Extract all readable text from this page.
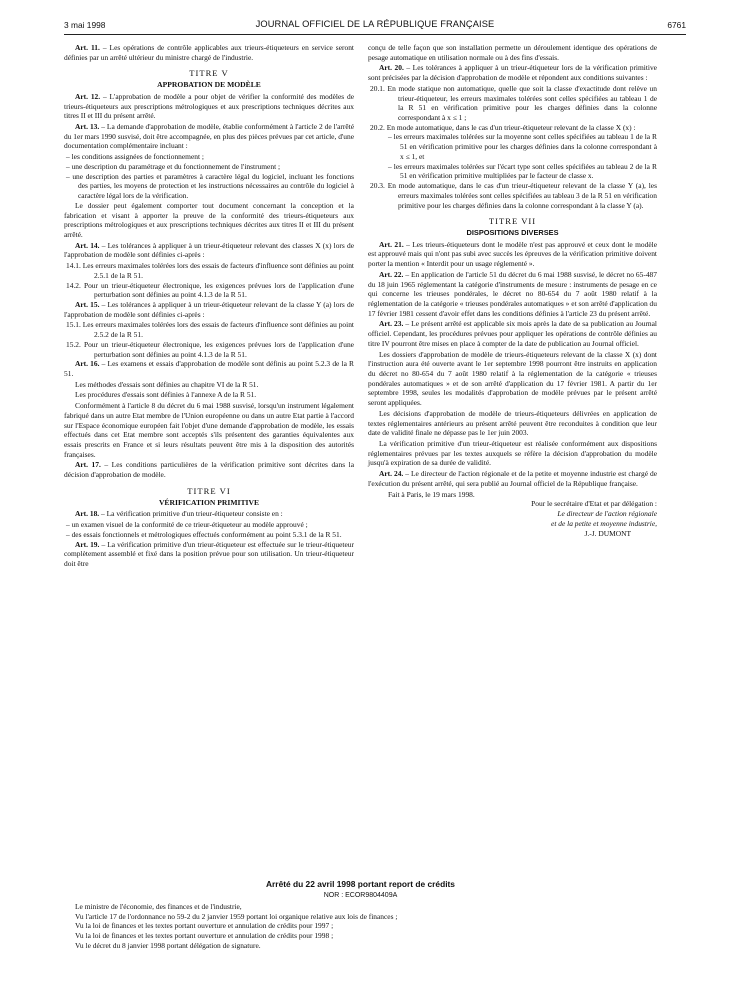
3 mai 1998	JOURNAL OFFICIEL DE LA RÉPUBLIQUE FRANÇAISE	6761

Art. 11. – Les opérations de contrôle applicables aux trieurs-étiqueteurs en service seront définies par un arrêté ultérieur du ministre chargé de l'industrie.

TITRE V
APPROBATION DE MODÈLE

Art. 12. – L'approbation de modèle a pour objet de vérifier la conformité des modèles de trieurs-étiqueteurs aux prescriptions métrologiques et aux prescriptions techniques décrites aux titres II et III du présent arrêté.

Art. 13. – La demande d'approbation de modèle, établie conformément à l'article 2 de l'arrêté du 1er mars 1990 susvisé, doit être accompagnée, en plus des pièces prévues par cet article, d'une documentation complémentaire incluant :

– les conditions assignées de fonctionnement ;

– une description du paramétrage et du fonctionnement de l'instrument ;

– une description des parties et paramètres à caractère légal du logiciel, incluant les fonctions des parties, les moyens de protection et les instructions nécessaires au contrôle du logiciel à caractère légal lors de la vérification.

Le dossier peut également comporter tout document concernant la conception et la fabrication et visant à apporter la preuve de la conformité des trieurs-étiqueteurs aux prescriptions métrologiques et aux prescriptions techniques décrites aux titres II et III du présent arrêté.

Art. 14. – Les tolérances à appliquer à un trieur-étiqueteur relevant des classes X (x) lors de l'approbation de modèle sont définies ci-après :

14.1. Les erreurs maximales tolérées lors des essais de facteurs d'influence sont définies au point 2.5.1 de la R 51.

14.2. Pour un trieur-étiqueteur électronique, les exigences prévues lors de l'application d'une perturbation sont définies au point 4.1.3 de la R 51.

Art. 15. – Les tolérances à appliquer à un trieur-étiqueteur relevant de la classe Y (a) lors de l'approbation de modèle sont définies ci-après :

15.1. Les erreurs maximales tolérées lors des essais de facteurs d'influence sont définies au point 2.5.2 de la R 51.

15.2. Pour un trieur-étiqueteur électronique, les exigences prévues lors de l'application d'une perturbation sont définies au point 4.1.3 de la R 51.

Art. 16. – Les examens et essais d'approbation de modèle sont définis au point 5.2.3 de la R 51.

Les méthodes d'essais sont définies au chapitre VI de la R 51.

Les procédures d'essais sont définies à l'annexe A de la R 51.

Conformément à l'article 8 du décret du 6 mai 1988 susvisé, lorsqu'un instrument légalement fabriqué dans un autre Etat membre de l'Union européenne ou dans un autre Etat partie à l'accord sur l'Espace économique européen fait l'objet d'une demande d'approbation de modèle, les essais effectués dans cet Etat membre sont acceptés s'ils présentent des garanties équivalentes aux essais prescrits en France et si leurs résultats peuvent être mis à la disposition des autorités françaises.

Art. 17. – Les conditions particulières de la vérification primitive sont décrites dans la décision d'approbation de modèle.

TITRE VI
VÉRIFICATION PRIMITIVE

Art. 18. – La vérification primitive d'un trieur-étiqueteur consiste en :

– un examen visuel de la conformité de ce trieur-étiqueteur au modèle approuvé ;

– des essais fonctionnels et métrologiques effectués conformément au point 5.3.1 de la R 51.

Art. 19. – La vérification primitive d'un trieur-étiqueteur est effectuée sur le trieur-étiqueteur complètement assemblé et fixé dans la position prévue pour son utilisation. Un trieur-étiqueteur doit être

conçu de telle façon que son installation permette un déroulement identique des opérations de pesage automatique en utilisation normale ou à des fins d'essais.

Art. 20. – Les tolérances à appliquer à un trieur-étiqueteur lors de la vérification primitive sont précisées par la décision d'approbation de modèle et répondent aux conditions suivantes :

20.1. En mode statique non automatique, quelle que soit la classe d'exactitude dont relève un trieur-étiqueteur, les erreurs maximales tolérées sont celles spécifiées au tableau 1 de la R 51 en vérification primitive pour les charges définies dans la colonne correspondant à x ≤ 1 ;

20.2. En mode automatique, dans le cas d'un trieur-étiqueteur relevant de la classe X (x) :

– les erreurs maximales tolérées sur la moyenne sont celles spécifiées au tableau 1 de la R 51 en vérification primitive pour les charges définies dans la colonne correspondant à x ≤ 1, et

– les erreurs maximales tolérées sur l'écart type sont celles spécifiées au tableau 2 de la R 51 en vérification primitive multipliées par le facteur de classe x.

20.3. En mode automatique, dans le cas d'un trieur-étiqueteur relevant de la classe Y (a), les erreurs maximales tolérées sont celles spécifiées au tableau 3 de la R 51 en vérification primitive pour les charges définies dans la colonne correspondant à la classe Y (a).

TITRE VII
DISPOSITIONS DIVERSES

Art. 21. – Les trieurs-étiqueteurs dont le modèle n'est pas approuvé et ceux dont le modèle est approuvé mais qui n'ont pas subi avec succès les épreuves de la vérification primitive doivent porter la mention « Interdit pour un usage réglementé ».

Art. 22. – En application de l'article 51 du décret du 6 mai 1988 susvisé, le décret no 65-487 du 18 juin 1965 réglementant la catégorie d'instruments de mesure : instruments de pesage en ce qui concerne les trieuses pondérales, le décret no 80-654 du 7 août 1980 relatif à la réglementation de la catégorie « trieuses pondérales automatiques » et son arrêté d'application du 17 février 1981 cessent d'avoir effet dans les conditions définies à l'article 23 du présent arrêté.

Art. 23. – Le présent arrêté est applicable six mois après la date de sa publication au Journal officiel. Cependant, les procédures prévues pour appliquer les opérations de contrôle définies au titre IV pourront être mises en place à compter de la date de publication au Journal officiel.

Les dossiers d'approbation de modèle de trieurs-étiqueteurs relevant de la classe X (x) dont l'instruction aura été ouverte avant le 1er septembre 1998 pourront être instruits en application du décret no 80-654 du 7 août 1980 relatif à la réglementation de la catégorie « trieuses pondérales automatiques » et de son arrêté d'application du 17 février 1981. A partir du 1er septembre 1998, seules les modalités d'approbation de modèle prévues par le présent arrêté seront appliquées.

Les décisions d'approbation de modèle de trieurs-étiqueteurs délivrées en application de textes réglementaires antérieurs au présent arrêté peuvent être reconduites à condition que leur date de validité finale ne dépasse pas le 1er juin 2003.

La vérification primitive d'un trieur-étiqueteur est réalisée conformément aux dispositions réglementaires prévues par les textes auxquels se réfère la décision d'approbation du modèle jusqu'à expiration de sa durée de validité.

Art. 24. – Le directeur de l'action régionale et de la petite et moyenne industrie est chargé de l'exécution du présent arrêté, qui sera publié au Journal officiel de la République française.

Fait à Paris, le 19 mars 1998.

Pour le secrétaire d'Etat et par délégation :

Le directeur de l'action régionale

et de la petite et moyenne industrie,

J.-J. DUMONT

Arrêté du 22 avril 1998 portant report de crédits

NOR : ECOR9804409A

Le ministre de l'économie, des finances et de l'industrie,

Vu l'article 17 de l'ordonnance no 59-2 du 2 janvier 1959 portant loi organique relative aux lois de finances ;

Vu la loi de finances et les textes portant ouverture et annulation de crédits pour 1997 ;

Vu la loi de finances et les textes portant ouverture et annulation de crédits pour 1998 ;

Vu le décret du 8 janvier 1998 portant délégation de signature.
